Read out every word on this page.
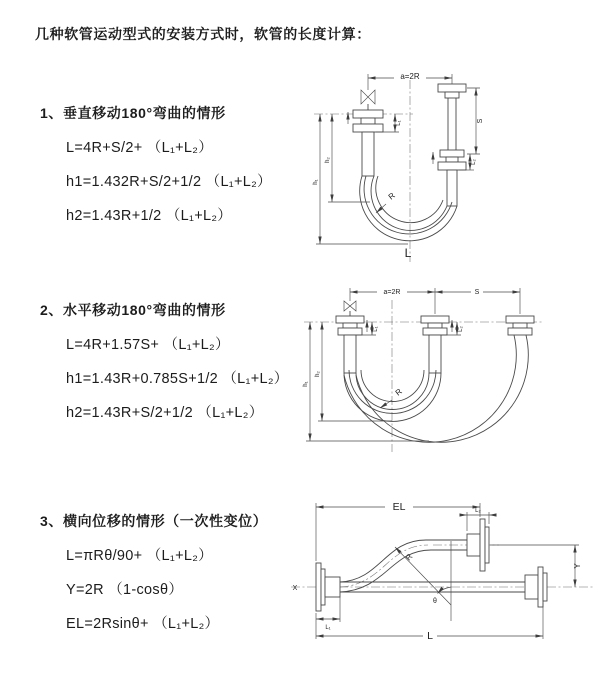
几种软管运动型式的安装方式时，软管的长度计算：
1、垂直移动180°弯曲的情形
L=4R+S/2+ （L₁+L₂）
h1=1.432R+S/2+1/2 （L₁+L₂）
h2=1.43R+1/2 （L₁+L₂）
2、水平移动180°弯曲的情形
L=4R+1.57S+ （L₁+L₂）
h1=1.43R+0.785S+1/2 （L₁+L₂）
h2=1.43R+S/2+1/2 （L₁+L₂）
3、横向位移的情形（一次性变位）
L=πRθ/90+ （L₁+L₂）
Y=2R （1-cosθ）
EL=2Rsinθ+ （L₁+L₂）
a=2R
h₁
h₂
L₁	S
L₂
R
L
a=2R	S
h₁
h₂
L₁	L₂
R
X
EL	L₂
Y
L
L₁
θ
R
